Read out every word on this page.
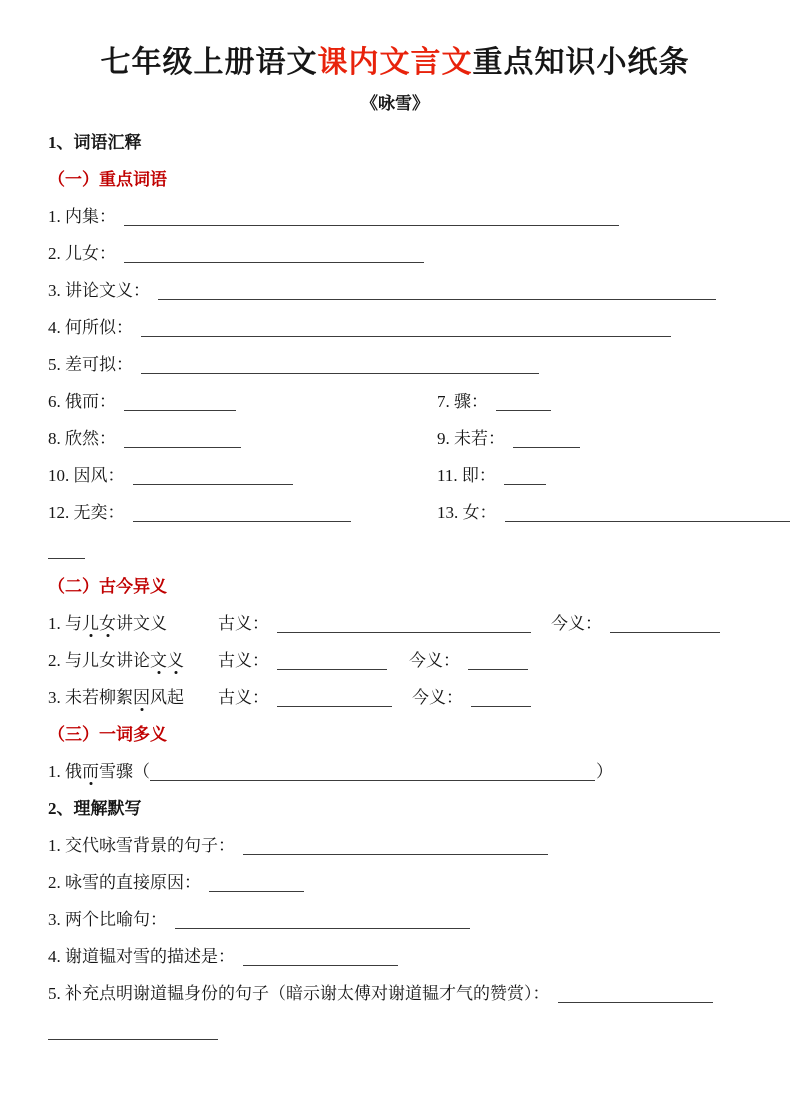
七年级上册语文课内文言文重点知识小纸条
《咏雪》
1、词语汇释
（一）重点词语
1. 内集：
2. 儿女：
3. 讲论文义：
4. 何所似：
5. 差可拟：
6. 俄而：	7. 骤：
8. 欣然：	9. 未若：
10. 因风：	11. 即：
12. 无奕：	13. 女：
（二）古今异义
1. 与 儿 女 讲文义	古义：	今义：
2. 与儿女讲论 文 义 古义：	今义：
3. 未若柳絮 因 风起 古义：	今义：
（三）一词多义
1. 俄 而 雪骤（	）
2、理解默写
1. 交代咏雪背景的句子：
2. 咏雪的直接原因：
3. 两个比喻句：
4. 谢道韫对雪的描述是：
5. 补充点明谢道韫身份的句子（暗示谢太傅对谢道韫才气的赞赏）：
